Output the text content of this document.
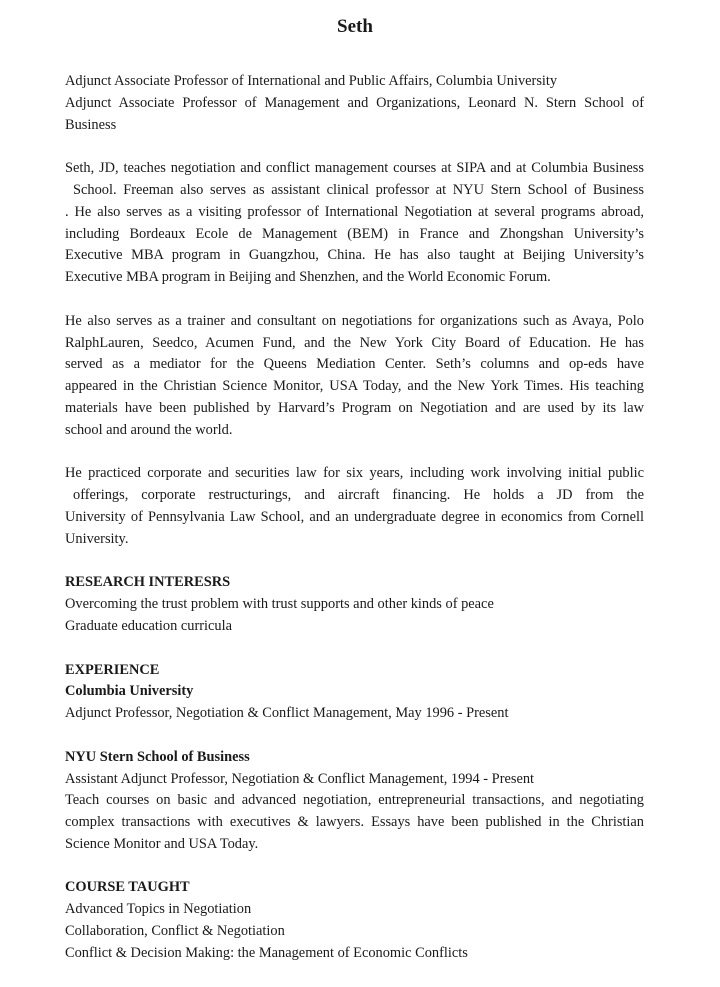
Seth
Adjunct Associate Professor of International and Public Affairs, Columbia University
Adjunct Associate Professor of Management and Organizations, Leonard N. Stern School of
Business
Seth, JD, teaches negotiation and conflict management courses at SIPA and at Columbia Business
School. Freeman also serves as assistant clinical professor at NYU Stern School of Business
. He also serves as a visiting professor of International Negotiation at several programs abroad,
including Bordeaux Ecole de Management (BEM) in France and Zhongshan University’s
Executive MBA program in Guangzhou, China. He has also taught at Beijing University’s
Executive MBA program in Beijing and Shenzhen, and the World Economic Forum.
He also serves as a trainer and consultant on negotiations for organizations such as Avaya, Polo
RalphLauren, Seedco, Acumen Fund, and the New York City Board of Education. He has
served as a mediator for the Queens Mediation Center. Seth’s columns and op-eds have
appeared in the Christian Science Monitor, USA Today, and the New York Times. His teaching
materials have been published by Harvard’s Program on Negotiation and are used by its law
school and around the world.
He practiced corporate and securities law for six years, including work involving initial public
offerings, corporate restructurings, and aircraft financing. He holds a JD from the
University of Pennsylvania Law School, and an undergraduate degree in economics from Cornell
University.
RESEARCH INTERESRS
Overcoming the trust problem with trust supports and other kinds of peace
Graduate education curricula
EXPERIENCE
Columbia University
Adjunct Professor, Negotiation & Conflict Management, May 1996 - Present
NYU Stern School of Business
Assistant Adjunct Professor, Negotiation & Conflict Management, 1994 - Present
Teach courses on basic and advanced negotiation, entrepreneurial transactions, and negotiating
complex transactions with executives & lawyers. Essays have been published in the Christian
Science Monitor and USA Today.
COURSE TAUGHT
Advanced Topics in Negotiation
Collaboration, Conflict & Negotiation
Conflict & Decision Making: the Management of Economic Conflicts
